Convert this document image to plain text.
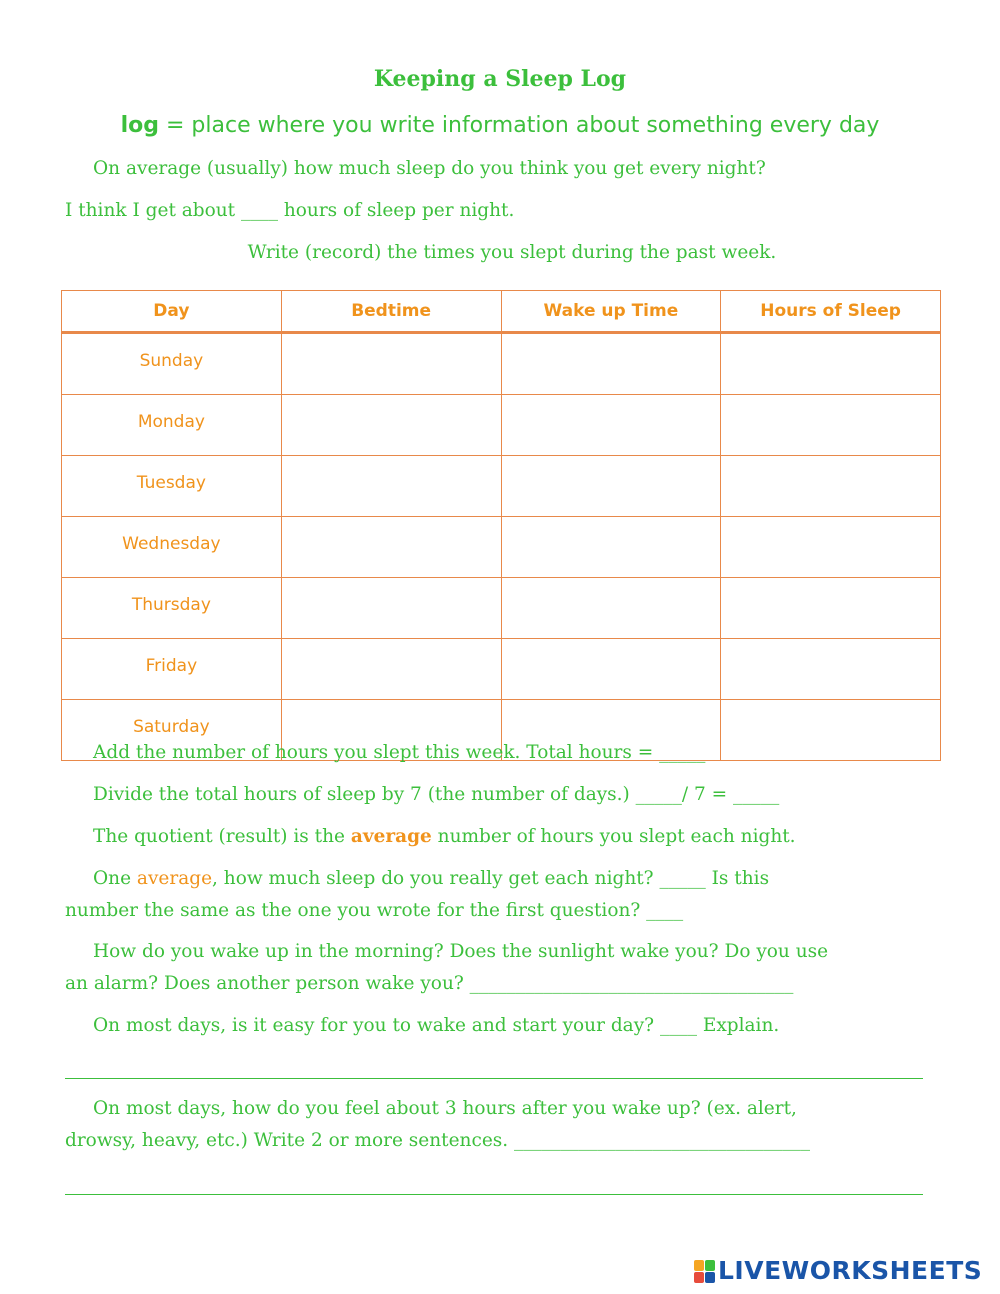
Keeping a Sleep Log
log = place where you write information about something every day
On average (usually) how much sleep do you think you get every night?
I think I get about ____ hours of sleep per night.
Write (record) the times you slept during the past week.
Day	Bedtime	Wake up Time	Hours of Sleep
Sunday			
Monday			
Tuesday			
Wednesday			
Thursday			
Friday			
Saturday			
Add the number of hours you slept this week. Total hours = _____
Divide the total hours of sleep by 7 (the number of days.) _____/ 7 = _____
The quotient (result) is the average number of hours you slept each night.
One average, how much sleep do you really get each night? _____ Is this
number the same as the one you wrote for the first question? ____
How do you wake up in the morning? Does the sunlight wake you? Do you use
an alarm? Does another person wake you? ___________________________________
On most days, is it easy for you to wake and start your day? ____ Explain.
On most days, how do you feel about 3 hours after you wake up? (ex. alert,
drowsy, heavy, etc.) Write 2 or more sentences. ________________________________
LIVEWORKSHEETS
